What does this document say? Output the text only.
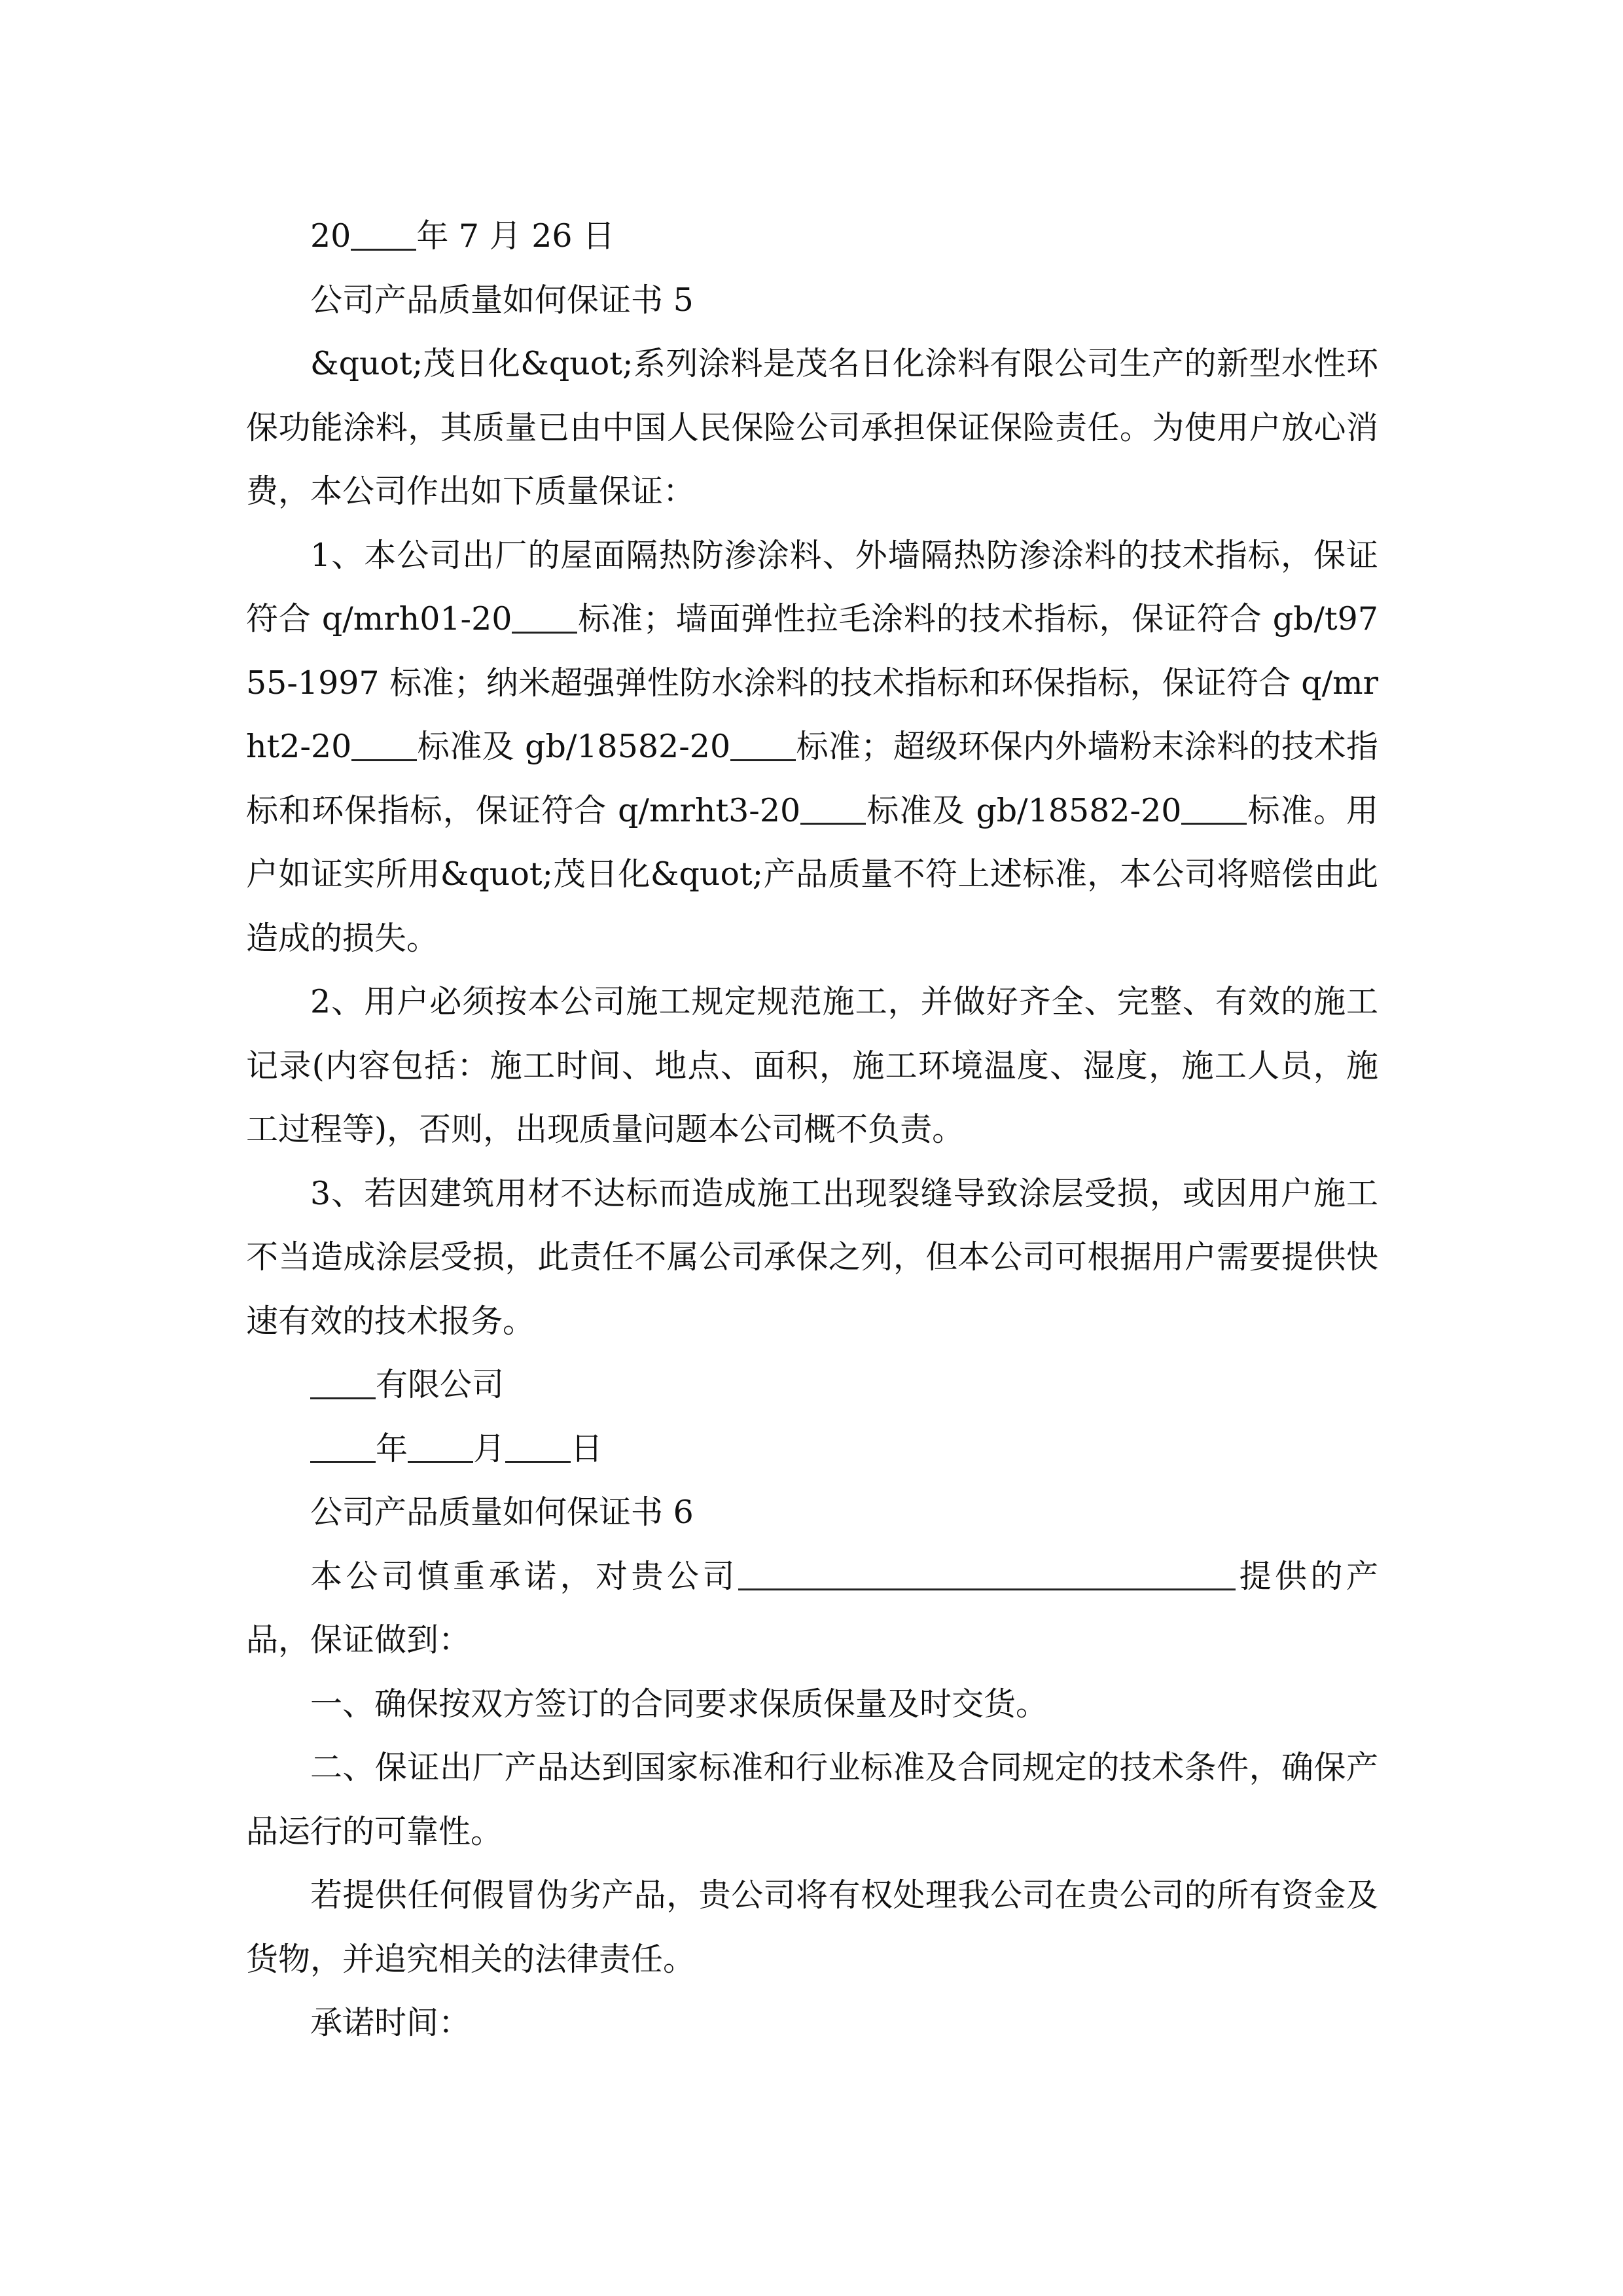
20 年 7 月 26 日

公司产品质量如何保证书 5

&quot;茂日化&quot;系列涂料是茂名日化涂料有限公司生产的新型水性环保功能涂料，其质量已由中国人民保险公司承担保证保险责任。为使用户放心消费，本公司作出如下质量保证：

1、本公司出厂的屋面隔热防渗涂料、外墙隔热防渗涂料的技术指标，保证符合 q/mrh01-20 标准；墙面弹性拉毛涂料的技术指标，保证符合 gb/t9755-1997 标准；纳米超强弹性防水涂料的技术指标和环保指标，保证符合 q/mrht2-20 标准及 gb/18582-20 标准；超级环保内外墙粉末涂料的技术指标和环保指标，保证符合 q/mrht3-20 标准及 gb/18582-20 标准。用户如证实所用&quot;茂日化&quot;产品质量不符上述标准，本公司将赔偿由此造成的损失。

2、用户必须按本公司施工规定规范施工，并做好齐全、完整、有效的施工记录(内容包括：施工时间、地点、面积，施工环境温度、湿度，施工人员，施工过程等)，否则，出现质量问题本公司概不负责。

3、若因建筑用材不达标而造成施工出现裂缝导致涂层受损，或因用户施工不当造成涂层受损，此责任不属公司承保之列，但本公司可根据用户需要提供快速有效的技术报务。

有限公司

年 月 日

公司产品质量如何保证书 6

本公司慎重承诺，对贵公司	提供的产品，保证做到：

一、确保按双方签订的合同要求保质保量及时交货。

二、保证出厂产品达到国家标准和行业标准及合同规定的技术条件，确保产品运行的可靠性。

若提供任何假冒伪劣产品，贵公司将有权处理我公司在贵公司的所有资金及货物，并追究相关的法律责任。

承诺时间：
